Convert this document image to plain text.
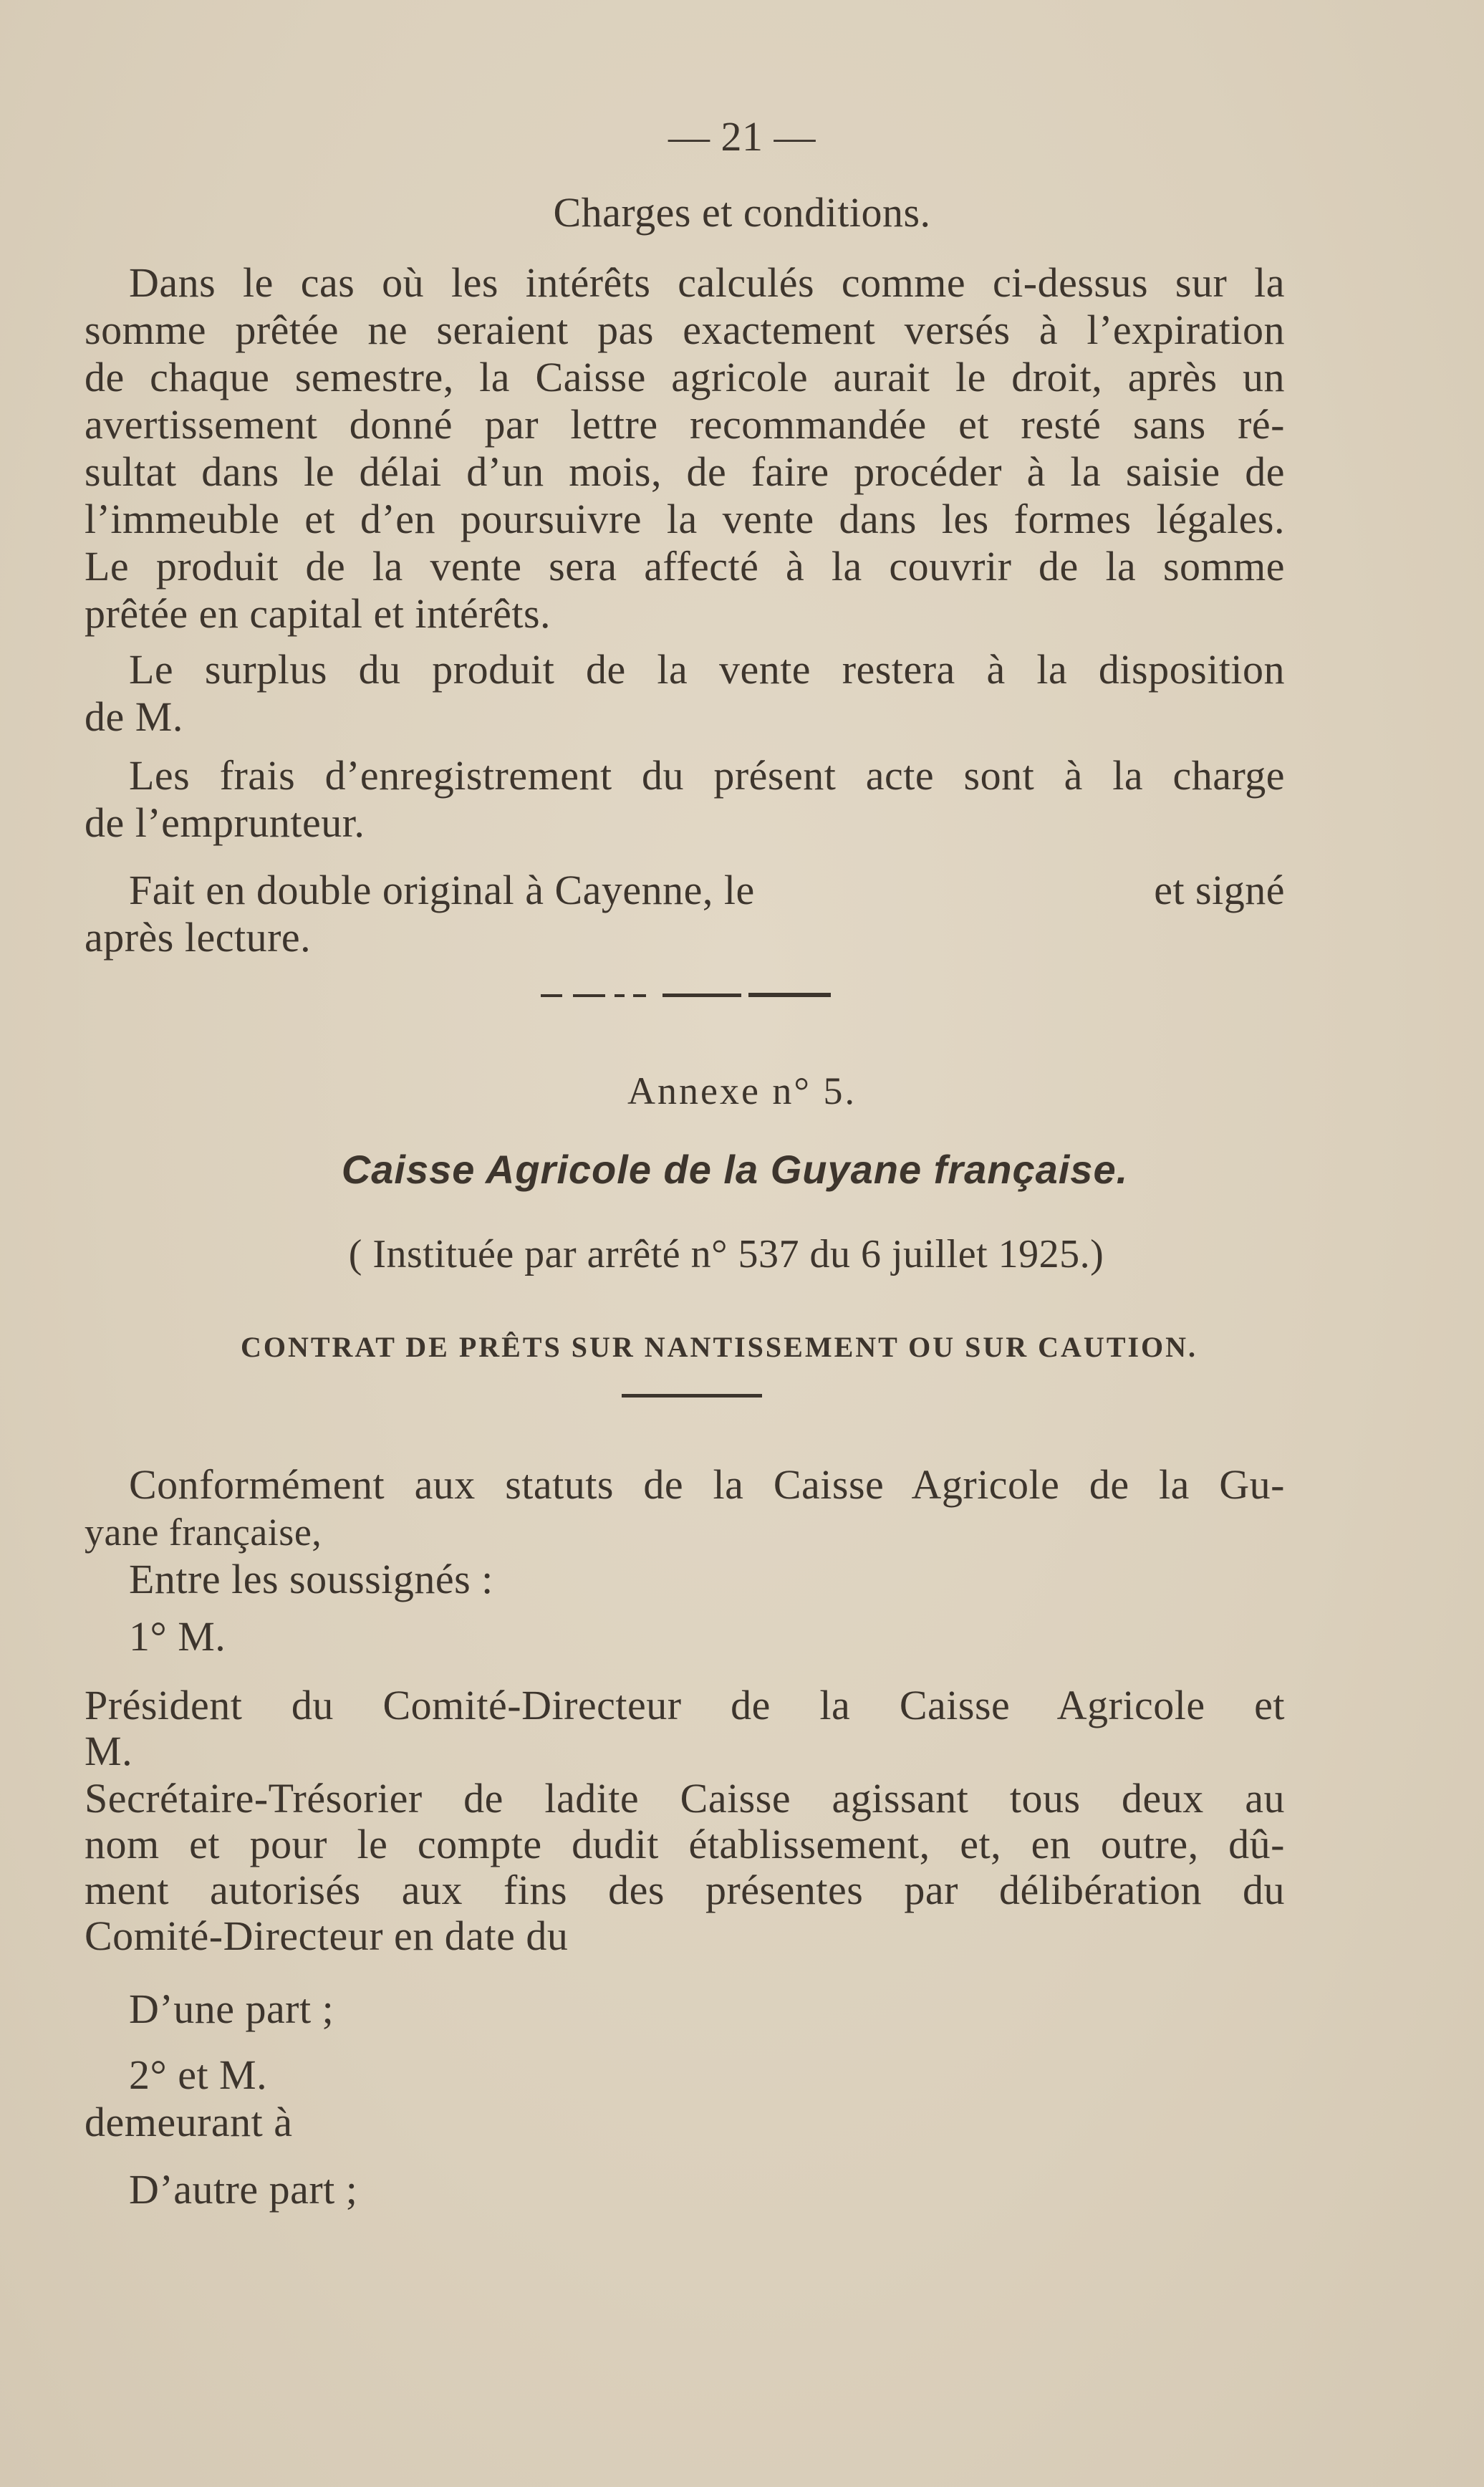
— 21 —
Charges et conditions.
Dans le cas où les intérêts calculés comme ci-dessus sur la
somme prêtée ne seraient pas exactement versés à l’expiration
de chaque semestre, la Caisse agricole aurait le droit, après un
avertissement donné par lettre recommandée et resté sans ré-
sultat dans le délai d’un mois, de faire procéder à la saisie de
l’immeuble et d’en poursuivre la vente dans les formes légales.
Le produit de la vente sera affecté à la couvrir de la somme
prêtée en capital et intérêts.
Le surplus du produit de la vente restera à la disposition
de M.
Les frais d’enregistrement du présent acte sont à la charge
de l’emprunteur.
Fait en double original à Cayenne, le	et signé
après lecture.
Annexe n° 5.
Caisse Agricole de la Guyane française.
( Instituée par arrêté n° 537 du 6 juillet 1925.)
CONTRAT DE PRÊTS SUR NANTISSEMENT OU SUR CAUTION.
Conformément aux statuts de la Caisse Agricole de la Gu-
yane française,
Entre les soussignés :
1° M.
Président du Comité-Directeur de la Caisse Agricole et
M.
Secrétaire-Trésorier de ladite Caisse agissant tous deux au
nom et pour le compte dudit établissement, et, en outre, dû-
ment autorisés aux fins des présentes par délibération du
Comité-Directeur en date du
D’une part ;
2° et M.
demeurant à
D’autre part ;
